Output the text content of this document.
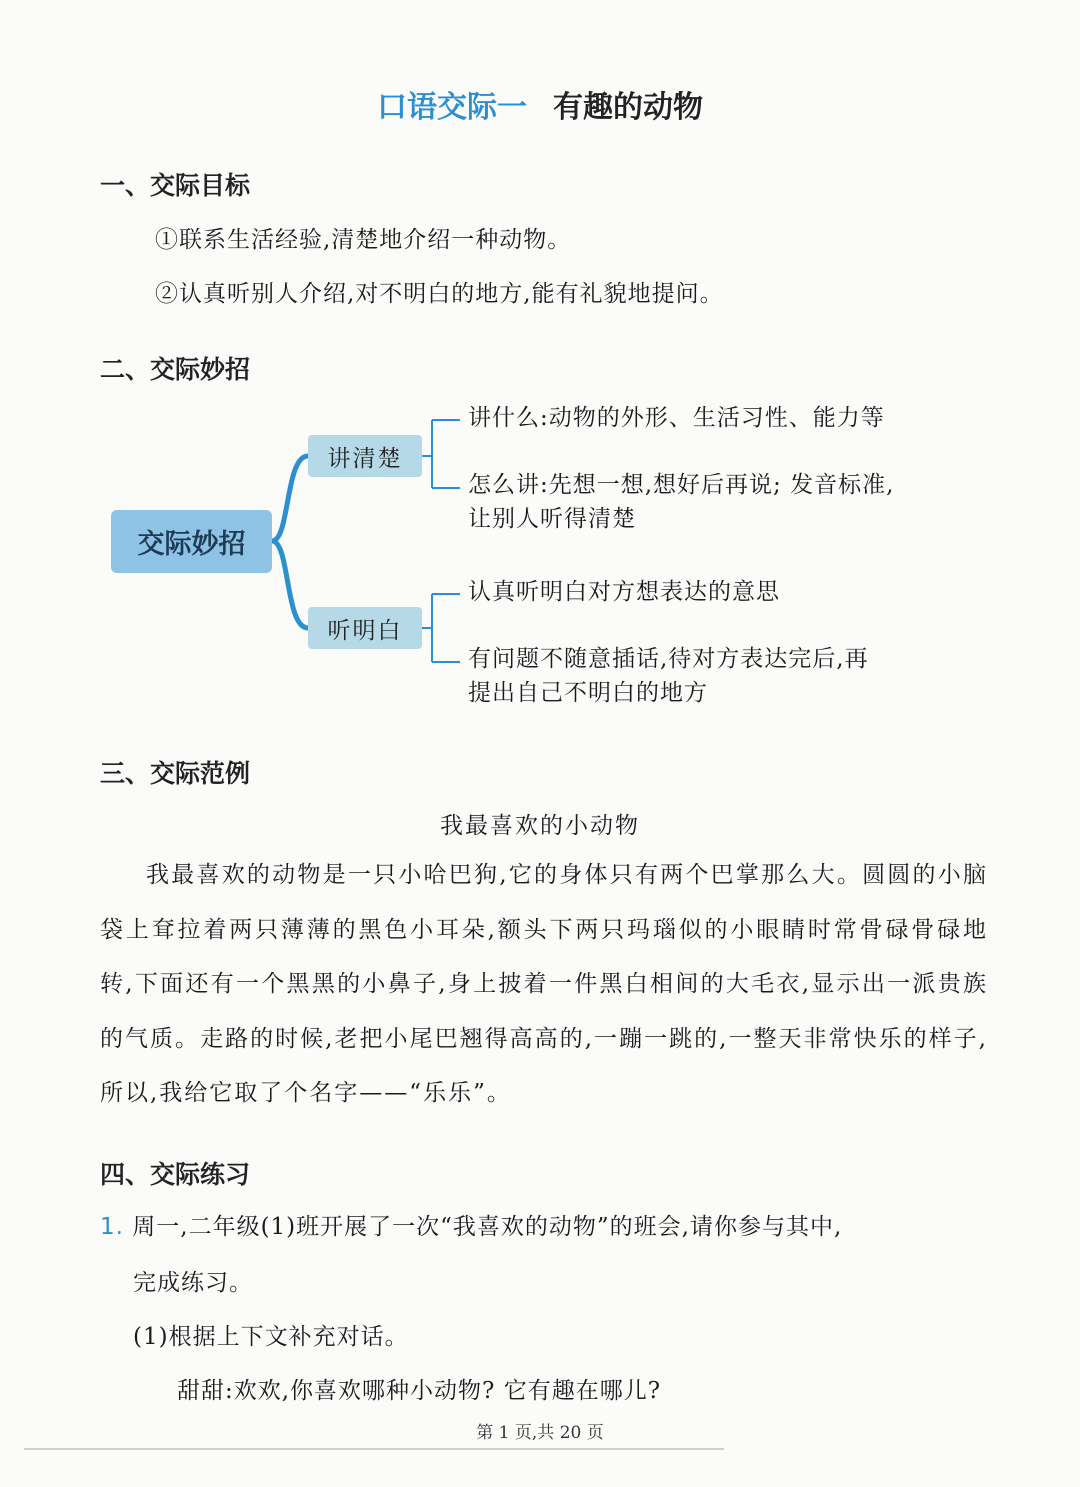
口语交际一 有趣的动物
一、交际目标
①联系生活经验,清楚地介绍一种动物。
②认真听别人介绍,对不明白的地方,能有礼貌地提问。
二、交际妙招
交际妙招
讲清楚
听明白
讲什么:动物的外形、生活习性、能力等
怎么讲:先想一想,想好后再说; 发音标准,
让别人听得清楚
认真听明白对方想表达的意思
有问题不随意插话,待对方表达完后,再
提出自己不明白的地方
三、交际范例
我最喜欢的小动物
我最喜欢的动物是一只小哈巴狗,它的身体只有两个巴掌那么大。圆圆的小脑袋上耷拉着两只薄薄的黑色小耳朵,额头下两只玛瑙似的小眼睛时常骨碌骨碌地转,下面还有一个黑黑的小鼻子,身上披着一件黑白相间的大毛衣,显示出一派贵族的气质。走路的时候,老把小尾巴翘得高高的,一蹦一跳的,一整天非常快乐的样子,所以,我给它取了个名字——“乐乐”。
四、交际练习
1. 周一,二年级(1)班开展了一次“我喜欢的动物”的班会,请你参与其中,
完成练习。
(1)根据上下文补充对话。
甜甜:欢欢,你喜欢哪种小动物? 它有趣在哪儿?
第 1 页,共 20 页
